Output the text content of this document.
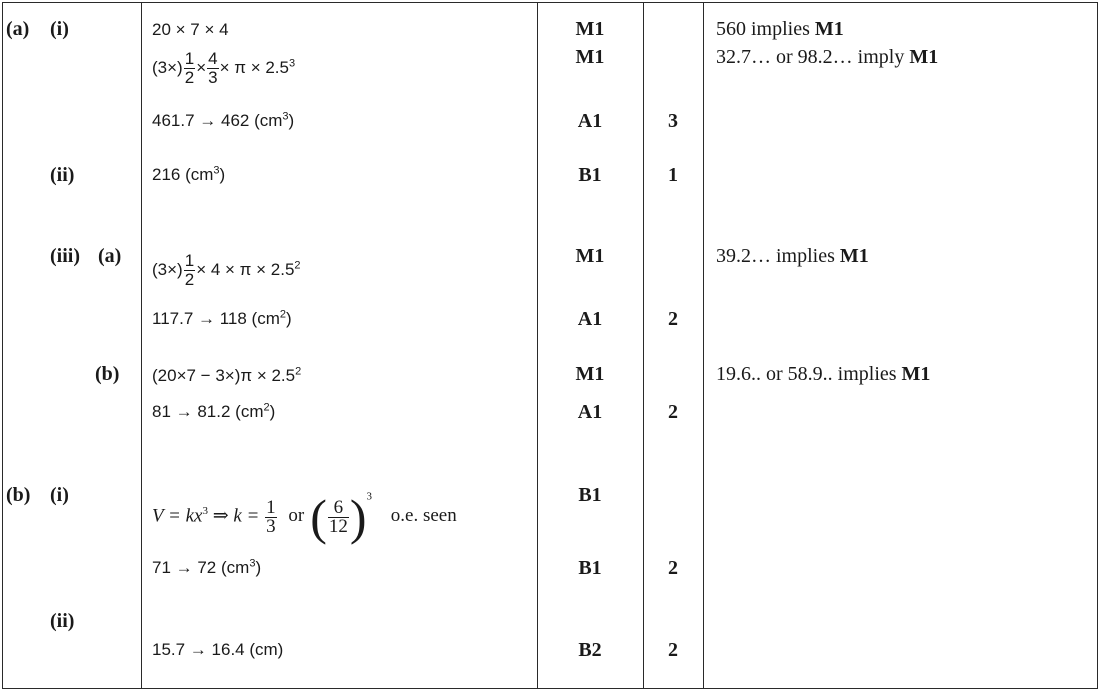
(a) (i)
(ii)
(iii) (a)
(b)
(b) (i)
(ii)
20 × 7 × 4
$(3\times) \frac{1}{2} \times \frac{4}{3} \times \pi \times 2.5^3$
461.7 → 462 $(cm^3)$
216 $(cm^3)$
$(3\times) \frac{1}{2} \times 4 \times \pi \times 2.5^2$
117.7 → 118 $(cm^2)$
$(20\times 7 - 3\times)\pi \times 2.5^2$
81 → 81.2 $(cm^2)$
$V = kx^3$ ⇒ $k = \frac{1}{3}$ or ( $\frac{6}{12} )^3$ o.e. seen
71 → 72 $(cm^3)$
15.7 → 16.4 (cm)
M1
M1
A1
B1
M1
A1
M1
A1
B1
B1
B2
3
1
2
2
2
2
560 implies M1
32.7… or 98.2… imply M1
39.2… implies M1
19.6.. or 58.9.. implies M1
